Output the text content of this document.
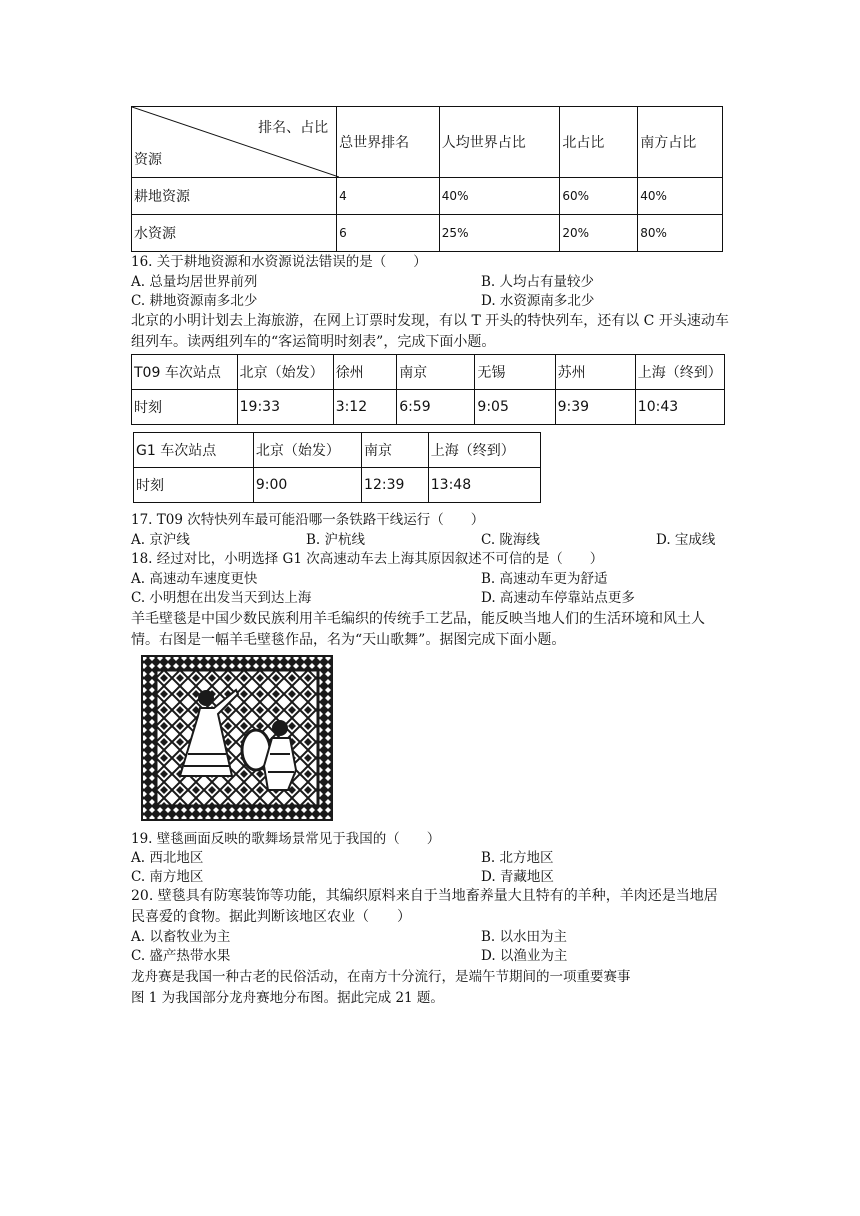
排名、占比
资源	总世界排名	人均世界占比	北占比	南方占比
耕地资源	4	40%	60%	40%
水资源	6	25%	20%	80%
16. 关于耕地资源和水资源说法错误的是（　　）
A. 总量均居世界前列	B. 人均占有量较少
C. 耕地资源南多北少	D. 水资源南多北少
北京的小明计划去上海旅游，在网上订票时发现，有以 T 开头的特快列车，还有以 C 开头速动车组列车。读两组列车的“客运简明时刻表”，完成下面小题。
T09 车次站点	北京（始发）	徐州	南京	无锡	苏州	上海（终到）
时刻	19:33	3:12	6:59	9:05	9:39	10:43
G1 车次站点	北京（始发）	南京	上海（终到）
时刻	9:00	12:39	13:48
17. T09 次特快列车最可能沿哪一条铁路干线运行（　　）
A. 京沪线	B. 沪杭线	C. 陇海线	D. 宝成线
18. 经过对比，小明选择 G1 次高速动车去上海其原因叙述不可信的是（　　）
A. 高速动车速度更快	B. 高速动车更为舒适
C. 小明想在出发当天到达上海	D. 高速动车停靠站点更多
羊毛壁毯是中国少数民族利用羊毛编织的传统手工艺品，能反映当地人们的生活环境和风土人情。右图是一幅羊毛壁毯作品，名为“天山歌舞”。据图完成下面小题。
19. 壁毯画面反映的歌舞场景常见于我国的（　　）
A. 西北地区	B. 北方地区
C. 南方地区	D. 青藏地区
20. 壁毯具有防寒装饰等功能，其编织原料来自于当地畜养量大且特有的羊种，羊肉还是当地居民喜爱的食物。据此判断该地区农业（　　）
A. 以畜牧业为主	B. 以水田为主
C. 盛产热带水果	D. 以渔业为主
龙舟赛是我国一种古老的民俗活动，在南方十分流行，是端午节期间的一项重要赛事
图 1 为我国部分龙舟赛地分布图。据此完成 21 题。
